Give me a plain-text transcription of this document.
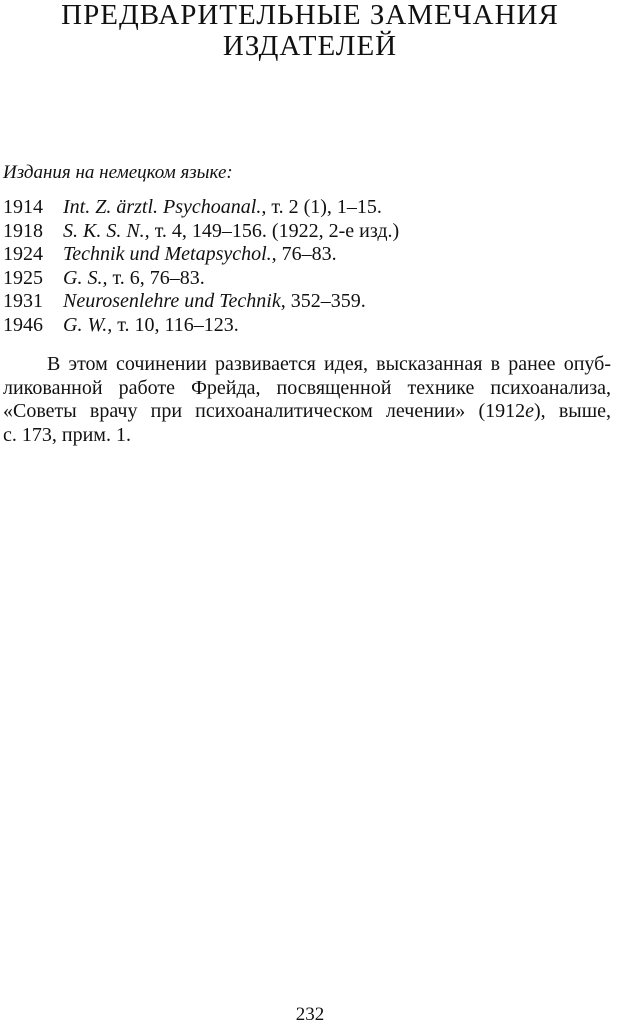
ПРЕДВАРИТЕЛЬНЫЕ ЗАМЕЧАНИЯ
ИЗДАТЕЛЕЙ

Издания на немецком языке:

1914 Int. Z. ärztl. Psychoanal., т. 2 (1), 1–15.
1918 S. K. S. N., т. 4, 149–156. (1922, 2-е изд.)
1924 Technik und Metapsychol., 76–83.
1925 G. S., т. 6, 76–83.
1931 Neurosenlehre und Technik, 352–359.
1946 G. W., т. 10, 116–123.

В этом сочинении развивается идея, высказанная в ранее опуб-
ликованной работе Фрейда, посвященной технике психоанализа,
«Советы врачу при психоаналитическом лечении» (1912e), выше,
с. 173, прим. 1.

232
